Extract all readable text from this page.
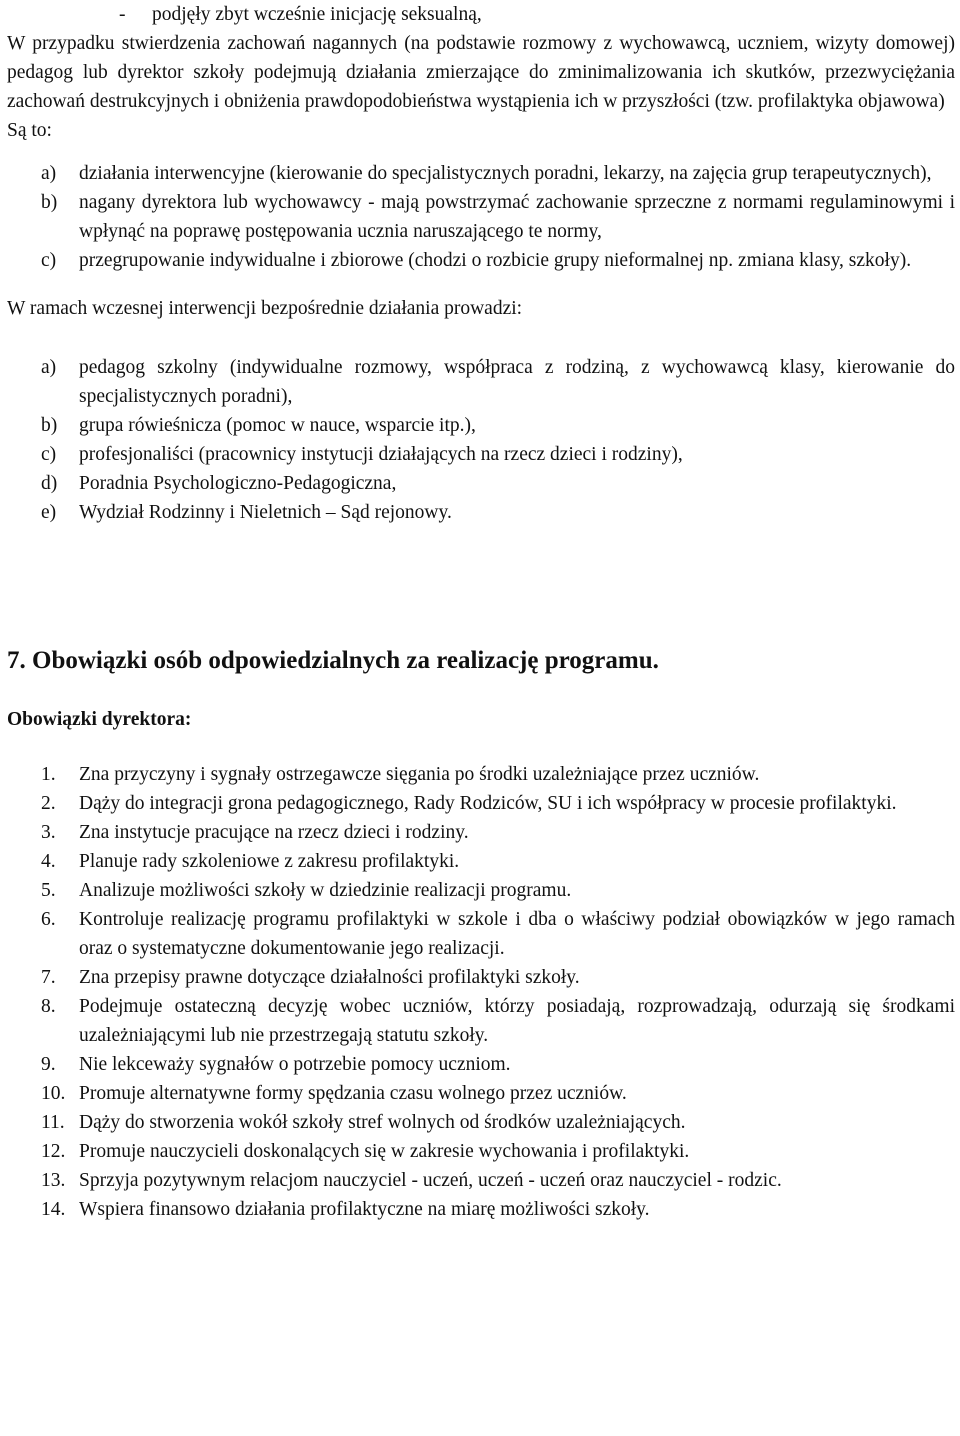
- podjęły zbyt wcześnie inicjację seksualną,

W przypadku stwierdzenia zachowań nagannych (na podstawie rozmowy z wychowawcą, uczniem, wizyty domowej) pedagog lub dyrektor szkoły podejmują działania zmierzające do zminimalizowania ich skutków, przezwyciężania zachowań destrukcyjnych i obniżenia prawdopodobieństwa wystąpienia ich w przyszłości (tzw. profilaktyka objawowa)

Są to:

a) działania interwencyjne (kierowanie do specjalistycznych poradni, lekarzy, na zajęcia grup terapeutycznych),

b) nagany dyrektora lub wychowawcy - mają powstrzymać zachowanie sprzeczne z normami regulaminowymi i wpłynąć na poprawę postępowania ucznia naruszającego te normy,

c) przegrupowanie indywidualne i zbiorowe (chodzi o rozbicie grupy nieformalnej np. zmiana klasy, szkoły).

W ramach wczesnej interwencji bezpośrednie działania prowadzi:

a) pedagog szkolny (indywidualne rozmowy, współpraca z rodziną, z wychowawcą klasy, kierowanie do specjalistycznych poradni),

b) grupa rówieśnicza (pomoc w nauce, wsparcie itp.),

c) profesjonaliści (pracownicy instytucji działających na rzecz dzieci i rodziny),

d) Poradnia Psychologiczno-Pedagogiczna,

e) Wydział Rodzinny i Nieletnich – Sąd rejonowy.

7. Obowiązki osób odpowiedzialnych za realizację programu.

Obowiązki dyrektora:

1. Zna przyczyny i sygnały ostrzegawcze sięgania po środki uzależniające przez uczniów.

2. Dąży do integracji grona pedagogicznego, Rady Rodziców, SU i ich współpracy w procesie profilaktyki.

3. Zna instytucje pracujące na rzecz dzieci i rodziny.

4. Planuje rady szkoleniowe z zakresu profilaktyki.

5. Analizuje możliwości szkoły w dziedzinie realizacji programu.

6. Kontroluje realizację programu profilaktyki w szkole i dba o właściwy podział obowiązków w jego ramach oraz o systematyczne dokumentowanie jego realizacji.

7. Zna przepisy prawne dotyczące działalności profilaktyki szkoły.

8. Podejmuje ostateczną decyzję wobec uczniów, którzy posiadają, rozprowadzają, odurzają się środkami uzależniającymi lub nie przestrzegają statutu szkoły.

9. Nie lekceważy sygnałów o potrzebie pomocy uczniom.

10. Promuje alternatywne formy spędzania czasu wolnego przez uczniów.

11. Dąży do stworzenia wokół szkoły stref wolnych od środków uzależniających.

12. Promuje nauczycieli doskonalących się w zakresie wychowania i profilaktyki.

13. Sprzyja pozytywnym relacjom nauczyciel - uczeń, uczeń - uczeń oraz nauczyciel - rodzic.

14. Wspiera finansowo działania profilaktyczne na miarę możliwości szkoły.
